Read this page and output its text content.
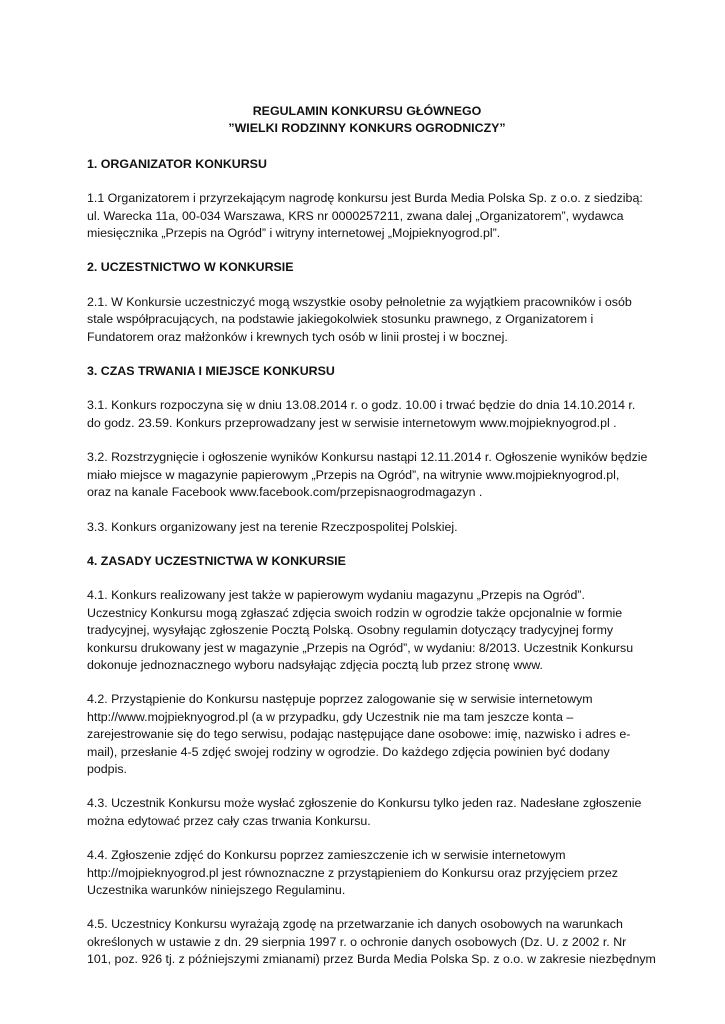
REGULAMIN KONKURSU GŁÓWNEGO
”WIELKI RODZINNY KONKURS OGRODNICZY”

1. ORGANIZATOR KONKURSU

1.1 Organizatorem i przyrzekającym nagrodę konkursu jest Burda Media Polska Sp. z o.o. z siedzibą:
ul. Warecka 11a, 00-034 Warszawa, KRS nr 0000257211, zwana dalej „Organizatorem”, wydawca
miesięcznika „Przepis na Ogród” i witryny internetowej „Mojpieknyogrod.pl”.

2. UCZESTNICTWO W KONKURSIE

2.1. W Konkursie uczestniczyć mogą wszystkie osoby pełnoletnie za wyjątkiem pracowników i osób
stale współpracujących, na podstawie jakiegokolwiek stosunku prawnego, z Organizatorem i
Fundatorem oraz małżonków i krewnych tych osób w linii prostej i w bocznej.

3. CZAS TRWANIA I MIEJSCE KONKURSU

3.1. Konkurs rozpoczyna się w dniu 13.08.2014 r. o godz. 10.00 i trwać będzie do dnia 14.10.2014 r.
do godz. 23.59. Konkurs przeprowadzany jest w serwisie internetowym www.mojpieknyogrod.pl .

3.2. Rozstrzygnięcie i ogłoszenie wyników Konkursu nastąpi 12.11.2014 r. Ogłoszenie wyników będzie
miało miejsce w magazynie papierowym „Przepis na Ogród”, na witrynie www.mojpieknyogrod.pl,
oraz na kanale Facebook www.facebook.com/przepisnaogrodmagazyn .

3.3. Konkurs organizowany jest na terenie Rzeczpospolitej Polskiej.

4. ZASADY UCZESTNICTWA W KONKURSIE

4.1. Konkurs realizowany jest także w papierowym wydaniu magazynu „Przepis na Ogród”.
Uczestnicy Konkursu mogą zgłaszać zdjęcia swoich rodzin w ogrodzie także opcjonalnie w formie
tradycyjnej, wysyłając zgłoszenie Pocztą Polską. Osobny regulamin dotyczący tradycyjnej formy
konkursu drukowany jest w magazynie „Przepis na Ogród”, w wydaniu: 8/2013. Uczestnik Konkursu
dokonuje jednoznacznego wyboru nadsyłając zdjęcia pocztą lub przez stronę www.

4.2. Przystąpienie do Konkursu następuje poprzez zalogowanie się w serwisie internetowym
http://www.mojpieknyogrod.pl (a w przypadku, gdy Uczestnik nie ma tam jeszcze konta –
zarejestrowanie się do tego serwisu, podając następujące dane osobowe: imię, nazwisko i adres e-
mail), przesłanie 4-5 zdjęć swojej rodziny w ogrodzie. Do każdego zdjęcia powinien być dodany
podpis.

4.3. Uczestnik Konkursu może wysłać zgłoszenie do Konkursu tylko jeden raz. Nadesłane zgłoszenie
można edytować przez cały czas trwania Konkursu.

4.4. Zgłoszenie zdjęć do Konkursu poprzez zamieszczenie ich w serwisie internetowym
http://mojpieknyogrod.pl jest równoznaczne z przystąpieniem do Konkursu oraz przyjęciem przez
Uczestnika warunków niniejszego Regulaminu.

4.5. Uczestnicy Konkursu wyrażają zgodę na przetwarzanie ich danych osobowych na warunkach
określonych w ustawie z dn. 29 sierpnia 1997 r. o ochronie danych osobowych (Dz. U. z 2002 r. Nr
101, poz. 926 tj. z późniejszymi zmianami) przez Burda Media Polska Sp. z o.o. w zakresie niezbędnym
